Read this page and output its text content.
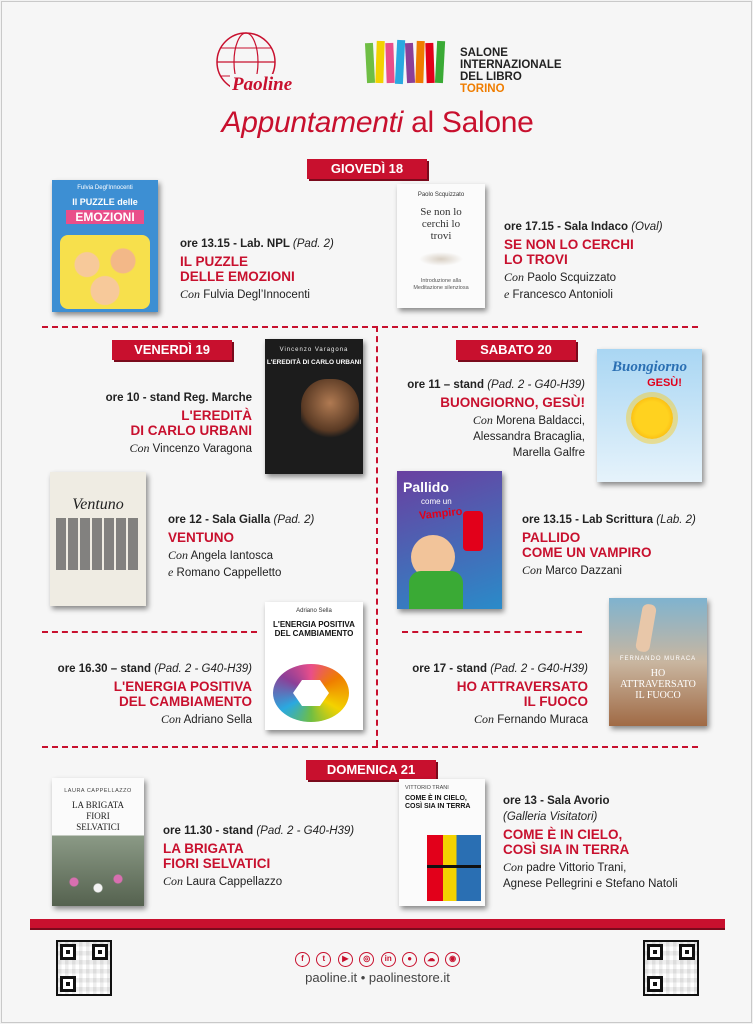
Paoline
SALONE
INTERNAZIONALE
DEL LIBRO TORINO
Appuntamenti al Salone
GIOVEDÌ 18
Fulvia Degl'Innocenti
Il PUZZLE delle
EMOZIONI
ore 13.15 - Lab. NPL (Pad. 2)
IL PUZZLE
DELLE EMOZIONI
Con Fulvia Degl’Innocenti
Paolo Scquizzato
Se non lo cerchi lo trovi
Introduzione alla Meditazione silenziosa
ore 17.15 - Sala Indaco (Oval)
SE NON LO CERCHI
LO TROVI
Con Paolo Scquizzato
e Francesco Antonioli
VENERDÌ 19	Vincenzo Varagona
L'EREDITÀ DI CARLO URBANI
ore 10 - stand Reg. Marche
L'EREDITÀ
DI CARLO URBANI
Con Vincenzo Varagona
Ventuno
ore 12 - Sala Gialla (Pad. 2)
VENTUNO
Con Angela Iantosca
e Romano Cappelletto
Adriano Sella
L'ENERGIA POSITIVA DEL CAMBIAMENTO
ore 16.30 – stand (Pad. 2 - G40-H39)
L'ENERGIA POSITIVA
DEL CAMBIAMENTO
Con Adriano Sella
SABATO 20
ore 11 – stand (Pad. 2 - G40-H39)
BUONGIORNO, GESÙ!
Con Morena Baldacci,
Alessandra Bracaglia,
Marella Galfre
Buongiorno
GESÙ!
Pallido
come un
Vampiro	ore 13.15 - Lab Scrittura (Lab. 2)
PALLIDO
COME UN VAMPIRO
Con Marco Dazzani
ore 17 - stand (Pad. 2 - G40-H39)
HO ATTRAVERSATO
IL FUOCO
Con Fernando Muraca
FERNANDO MURACA
HO ATTRAVERSATO IL FUOCO
DOMENICA 21
LAURA CAPPELLAZZO
LA BRIGATA FIORI SELVATICI	ore 11.30 - stand (Pad. 2 - G40-H39)
LA BRIGATA
FIORI SELVATICI
Con Laura Cappellazzo
VITTORIO TRANI
COME È IN CIELO, COSÌ SIA IN TERRA	ore 13 - Sala Avorio
(Galleria Visitatori)
COME È IN CIELO,
COSÌ SIA IN TERRA
Con padre Vittorio Trani,
Agnese Pellegrini e Stefano Natoli
f t ▶ ◎ in ● ☁ ◉
paoline.it • paolinestore.it
